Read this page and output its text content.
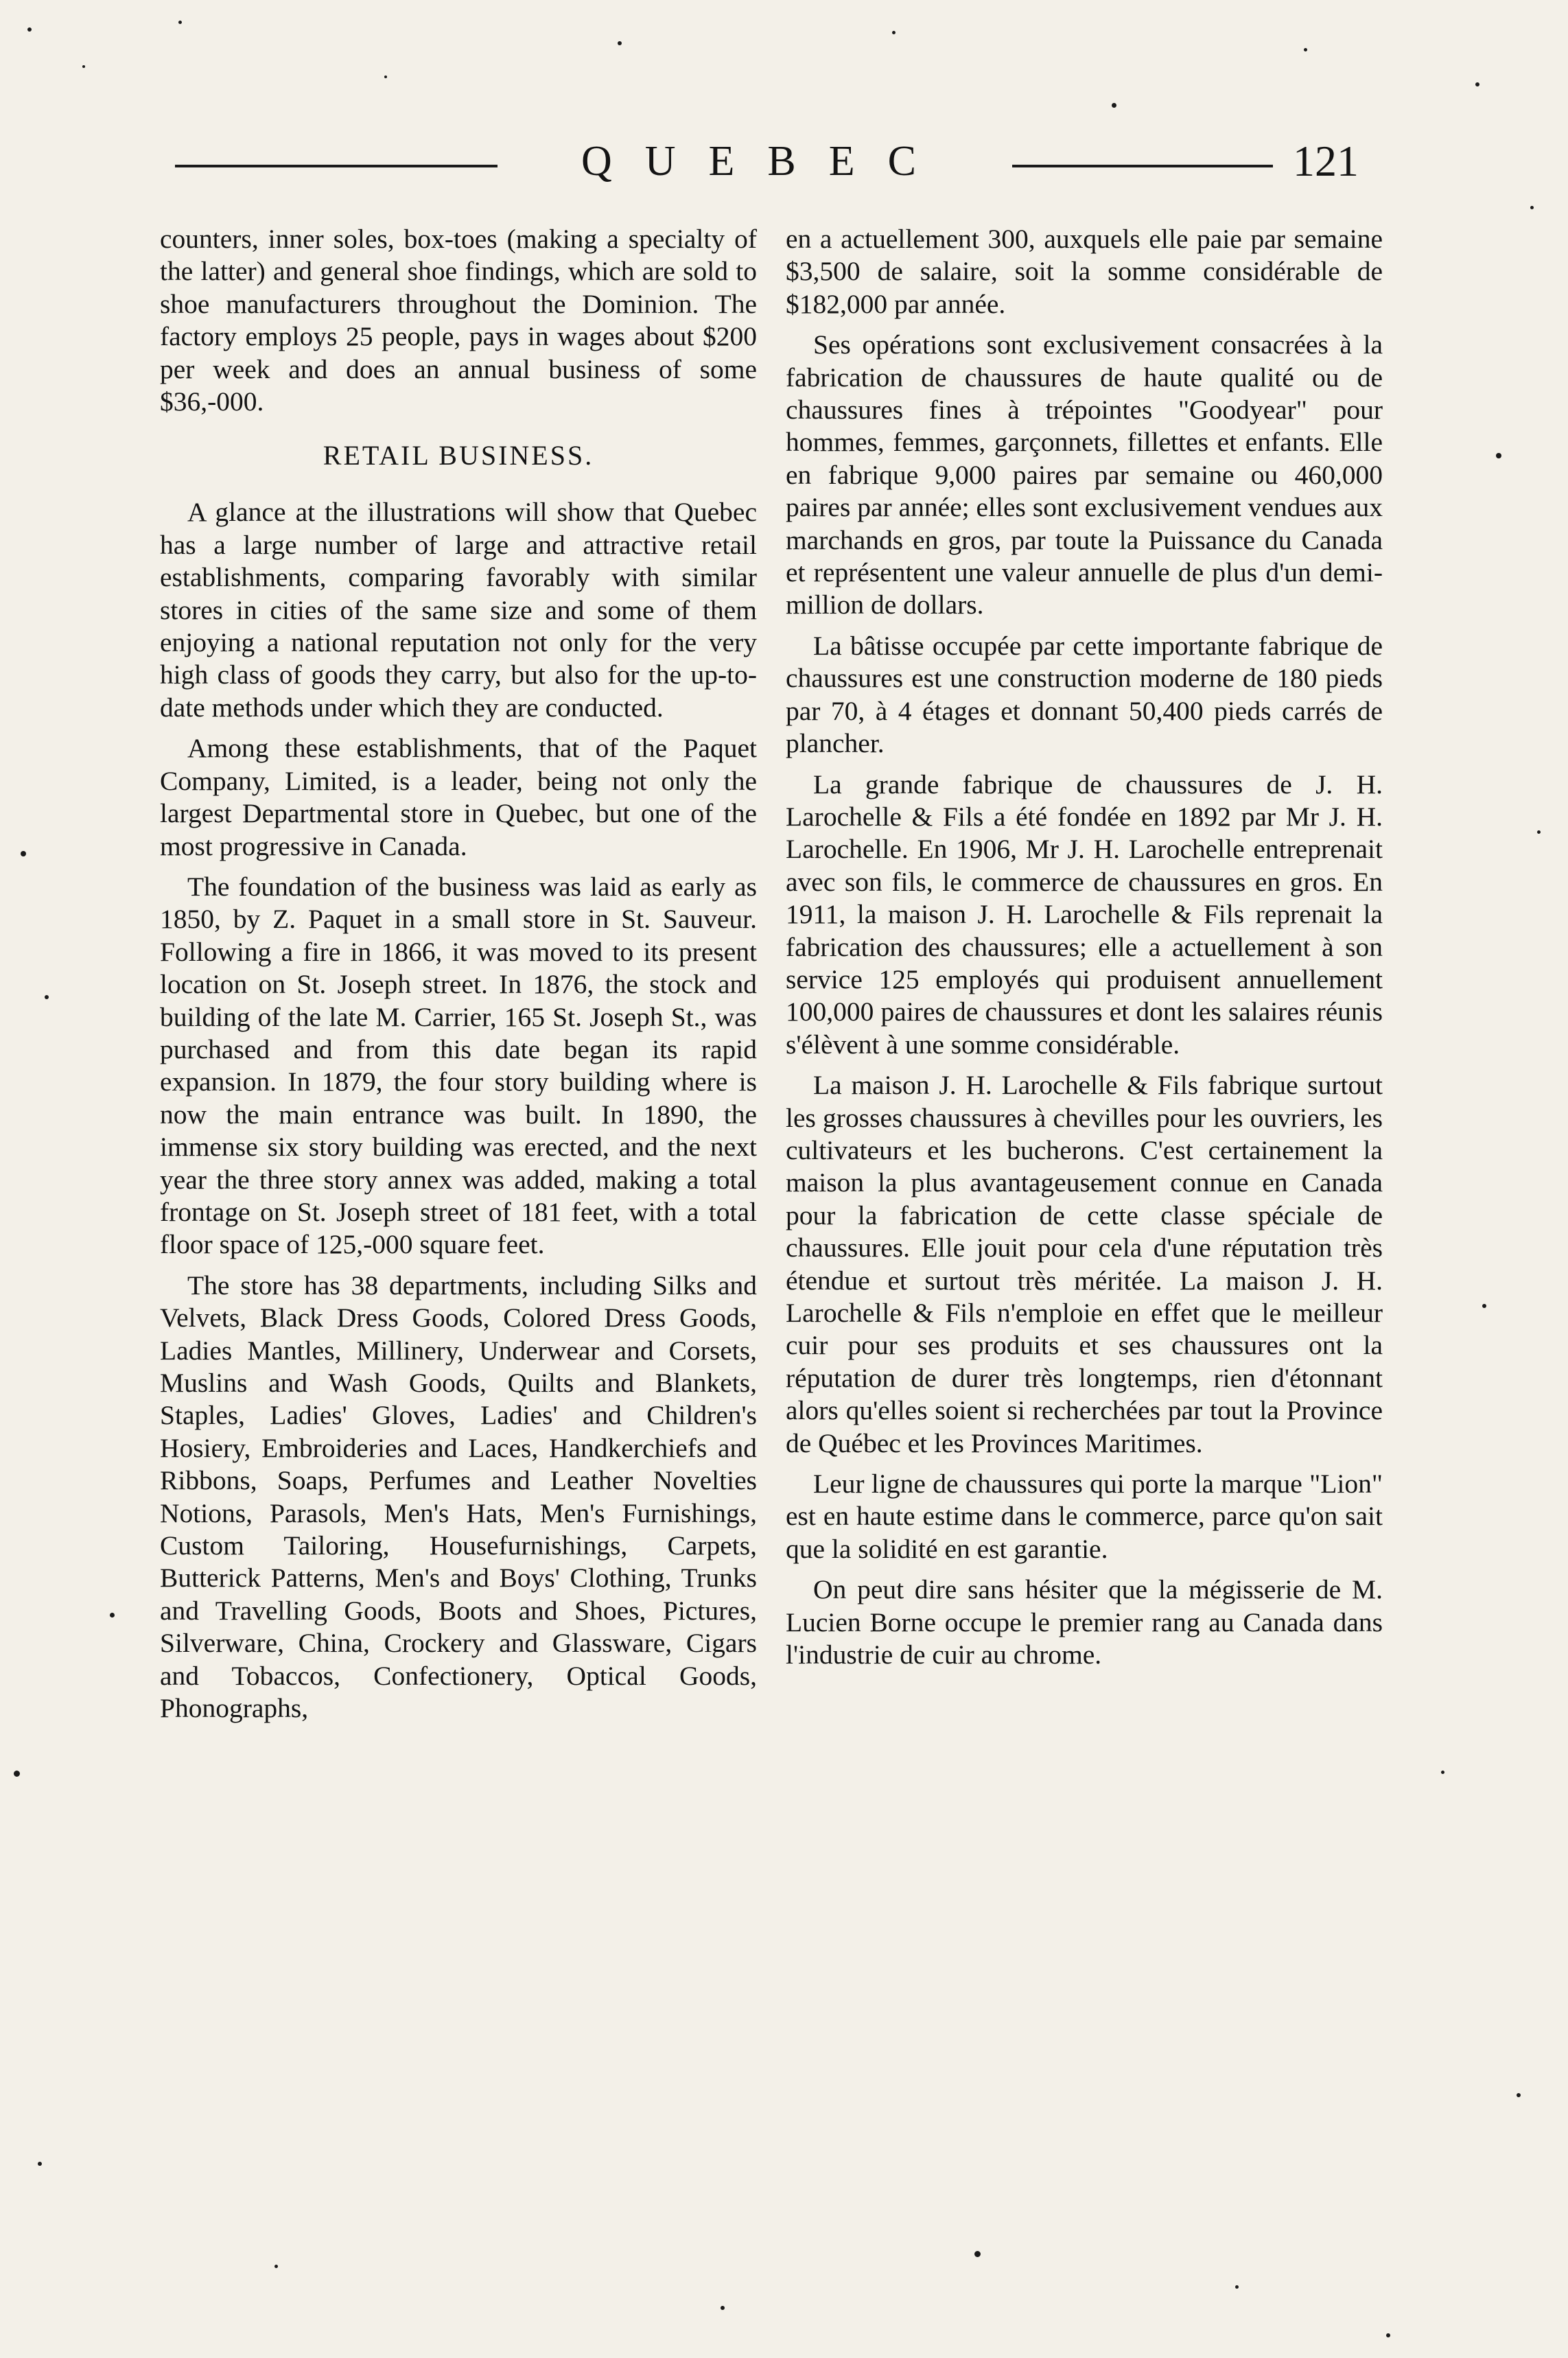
QUEBEC	121

counters, inner soles, box-toes (making a specialty of the latter) and general shoe findings, which are sold to shoe manufacturers throughout the Dominion. The factory employs 25 people, pays in wages about $200 per week and does an annual business of some $36,-000.

RETAIL BUSINESS.

A glance at the illustrations will show that Quebec has a large number of large and attractive retail establishments, comparing favorably with similar stores in cities of the same size and some of them enjoying a national reputation not only for the very high class of goods they carry, but also for the up-to-date methods under which they are conducted.

Among these establishments, that of the Paquet Company, Limited, is a leader, being not only the largest Departmental store in Quebec, but one of the most progressive in Canada.

The foundation of the business was laid as early as 1850, by Z. Paquet in a small store in St. Sauveur. Following a fire in 1866, it was moved to its present location on St. Joseph street. In 1876, the stock and building of the late M. Carrier, 165 St. Joseph St., was purchased and from this date began its rapid expansion. In 1879, the four story building where is now the main entrance was built. In 1890, the immense six story building was erected, and the next year the three story annex was added, making a total frontage on St. Joseph street of 181 feet, with a total floor space of 125,-000 square feet.

The store has 38 departments, including Silks and Velvets, Black Dress Goods, Colored Dress Goods, Ladies Mantles, Millinery, Underwear and Corsets, Muslins and Wash Goods, Quilts and Blankets, Staples, Ladies' Gloves, Ladies' and Children's Hosiery, Embroideries and Laces, Handkerchiefs and Ribbons, Soaps, Perfumes and Leather Novelties Notions, Parasols, Men's Hats, Men's Furnishings, Custom Tailoring, Housefurnishings, Carpets, Butterick Patterns, Men's and Boys' Clothing, Trunks and Travelling Goods, Boots and Shoes, Pictures, Silverware, China, Crockery and Glassware, Cigars and Tobaccos, Confectionery, Optical Goods, Phonographs,

en a actuellement 300, auxquels elle paie par semaine $3,500 de salaire, soit la somme considérable de $182,000 par année.

Ses opérations sont exclusivement consacrées à la fabrication de chaussures de haute qualité ou de chaussures fines à trépointes "Goodyear" pour hommes, femmes, garçonnets, fillettes et enfants. Elle en fabrique 9,000 paires par semaine ou 460,000 paires par année; elles sont exclusivement vendues aux marchands en gros, par toute la Puissance du Canada et représentent une valeur annuelle de plus d'un demi-million de dollars.

La bâtisse occupée par cette importante fabrique de chaussures est une construction moderne de 180 pieds par 70, à 4 étages et donnant 50,400 pieds carrés de plancher.

La grande fabrique de chaussures de J. H. Larochelle & Fils a été fondée en 1892 par Mr J. H. Larochelle. En 1906, Mr J. H. Larochelle entreprenait avec son fils, le commerce de chaussures en gros. En 1911, la maison J. H. Larochelle & Fils reprenait la fabrication des chaussures; elle a actuellement à son service 125 employés qui produisent annuellement 100,000 paires de chaussures et dont les salaires réunis s'élèvent à une somme considérable.

La maison J. H. Larochelle & Fils fabrique surtout les grosses chaussures à chevilles pour les ouvriers, les cultivateurs et les bucherons. C'est certainement la maison la plus avantageusement connue en Canada pour la fabrication de cette classe spéciale de chaussures. Elle jouit pour cela d'une réputation très étendue et surtout très méritée. La maison J. H. Larochelle & Fils n'emploie en effet que le meilleur cuir pour ses produits et ses chaussures ont la réputation de durer très longtemps, rien d'étonnant alors qu'elles soient si recherchées par tout la Province de Québec et les Provinces Maritimes.

Leur ligne de chaussures qui porte la marque "Lion" est en haute estime dans le commerce, parce qu'on sait que la solidité en est garantie.

On peut dire sans hésiter que la mégisserie de M. Lucien Borne occupe le premier rang au Canada dans l'industrie de cuir au chrome.
